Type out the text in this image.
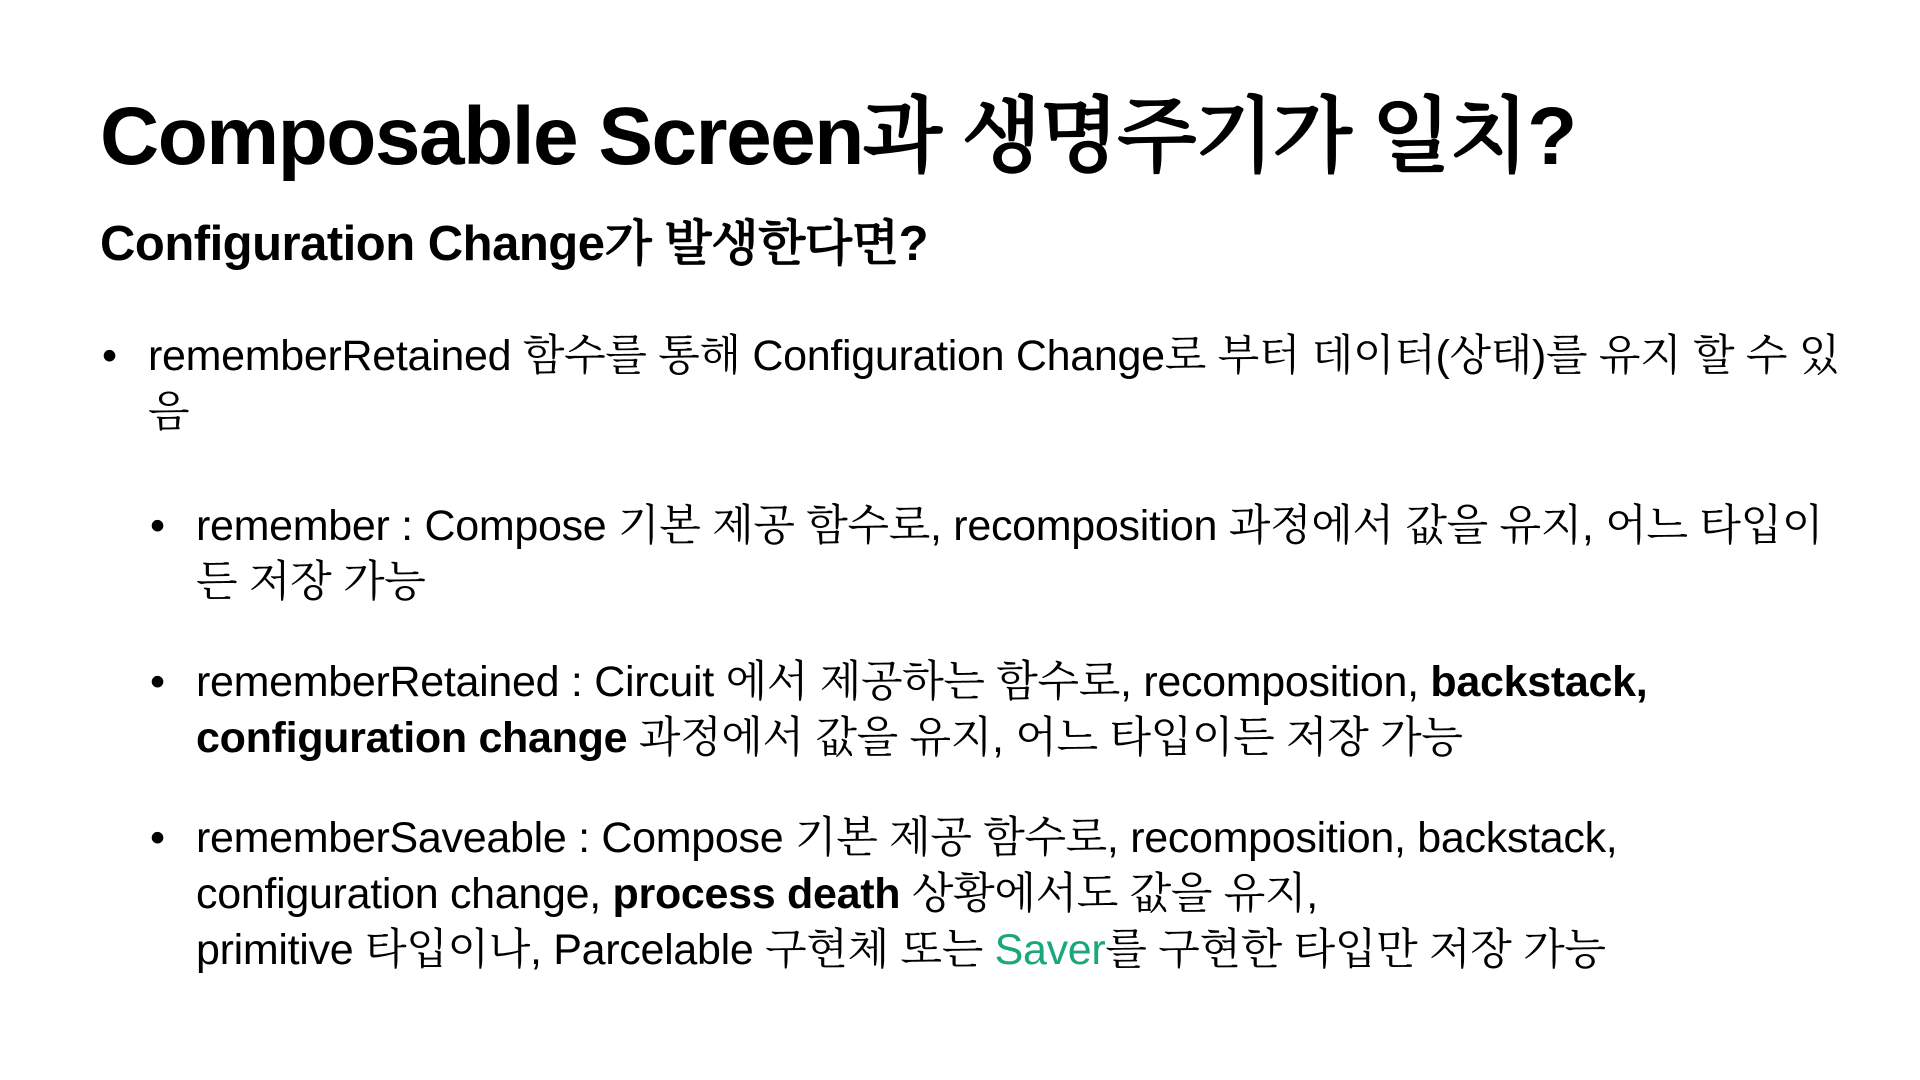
Composable Screen과 생명주기가 일치?
Configuration Change가 발생한다면?
• rememberRetained 함수를 통해 Configuration Change로 부터 데이터(상태)를 유지 할 수 있음
• remember : Compose 기본 제공 함수로, recomposition 과정에서 값을 유지, 어느 타입이든 저장 가능
• rememberRetained : Circuit 에서 제공하는 함수로, recomposition, backstack, configuration change 과정에서 값을 유지, 어느 타입이든 저장 가능
• rememberSaveable : Compose 기본 제공 함수로, recomposition, backstack, configuration change, process death 상황에서도 값을 유지,
primitive 타입이나, Parcelable 구현체 또는 Saver를 구현한 타입만 저장 가능
